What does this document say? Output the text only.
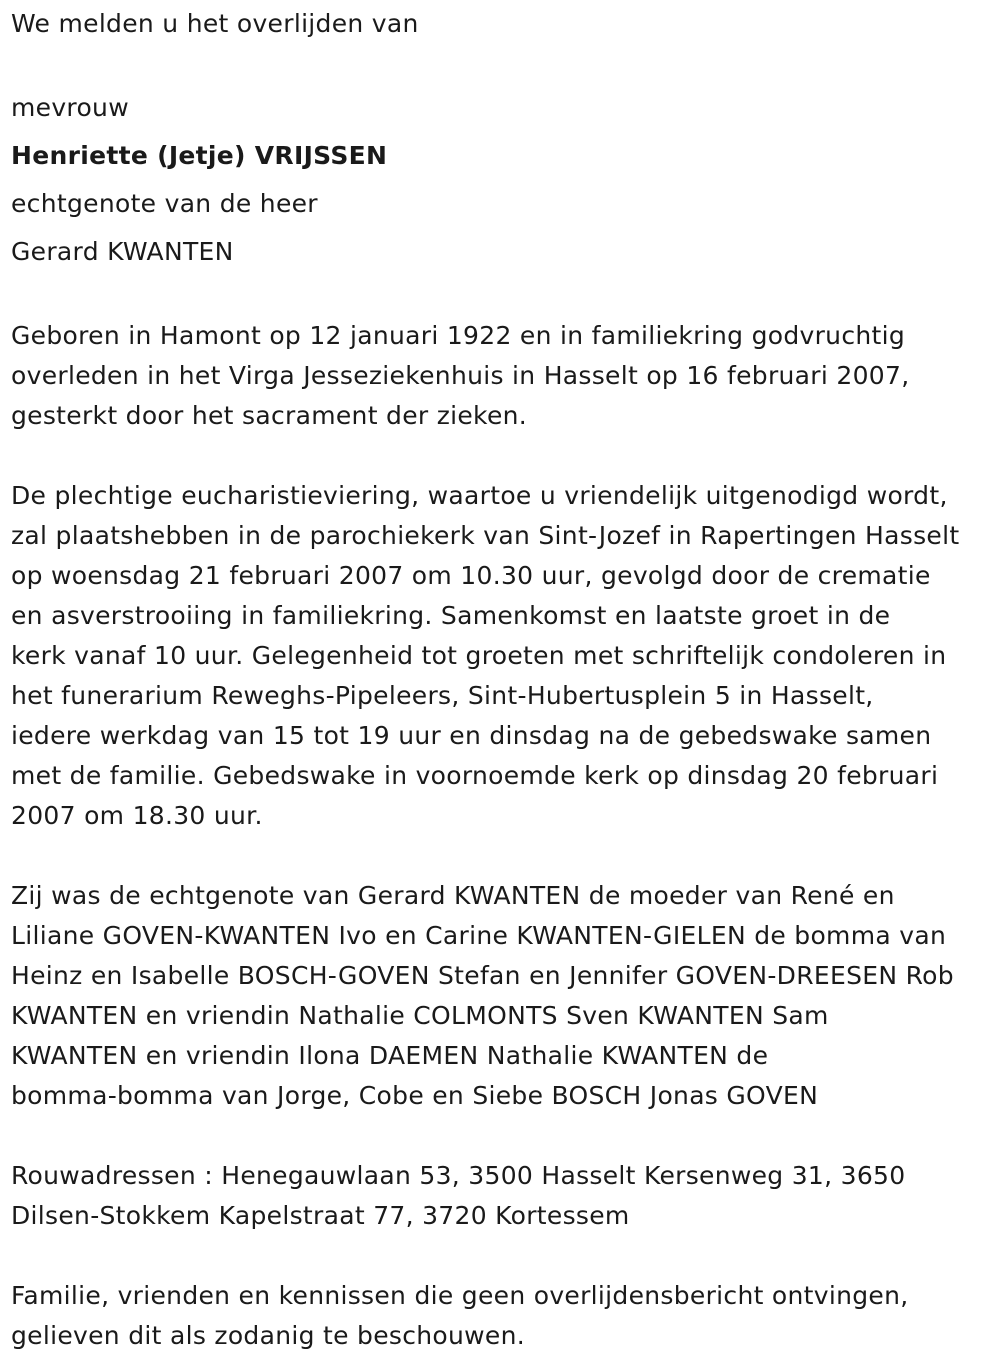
We melden u het overlijden van
mevrouw
Henriette (Jetje) VRIJSSEN
echtgenote van de heer
Gerard KWANTEN
Geboren in Hamont op 12 januari 1922 en in familiekring godvruchtig
overleden in het Virga Jesseziekenhuis in Hasselt op 16 februari 2007,
gesterkt door het sacrament der zieken.
De plechtige eucharistieviering, waartoe u vriendelijk uitgenodigd wordt,
zal plaatshebben in de parochiekerk van Sint-Jozef in Rapertingen Hasselt
op woensdag 21 februari 2007 om 10.30 uur, gevolgd door de crematie
en asverstrooiing in familiekring. Samenkomst en laatste groet in de
kerk vanaf 10 uur. Gelegenheid tot groeten met schriftelijk condoleren in
het funerarium Reweghs-Pipeleers, Sint-Hubertusplein 5 in Hasselt,
iedere werkdag van 15 tot 19 uur en dinsdag na de gebedswake samen
met de familie. Gebedswake in voornoemde kerk op dinsdag 20 februari
2007 om 18.30 uur.
Zij was de echtgenote van Gerard KWANTEN de moeder van René en
Liliane GOVEN-KWANTEN Ivo en Carine KWANTEN-GIELEN de bomma van
Heinz en Isabelle BOSCH-GOVEN Stefan en Jennifer GOVEN-DREESEN Rob
KWANTEN en vriendin Nathalie COLMONTS Sven KWANTEN Sam
KWANTEN en vriendin Ilona DAEMEN Nathalie KWANTEN de
bomma-bomma van Jorge, Cobe en Siebe BOSCH Jonas GOVEN
Rouwadressen : Henegauwlaan 53, 3500 Hasselt Kersenweg 31, 3650
Dilsen-Stokkem Kapelstraat 77, 3720 Kortessem
Familie, vrienden en kennissen die geen overlijdensbericht ontvingen,
gelieven dit als zodanig te beschouwen.
